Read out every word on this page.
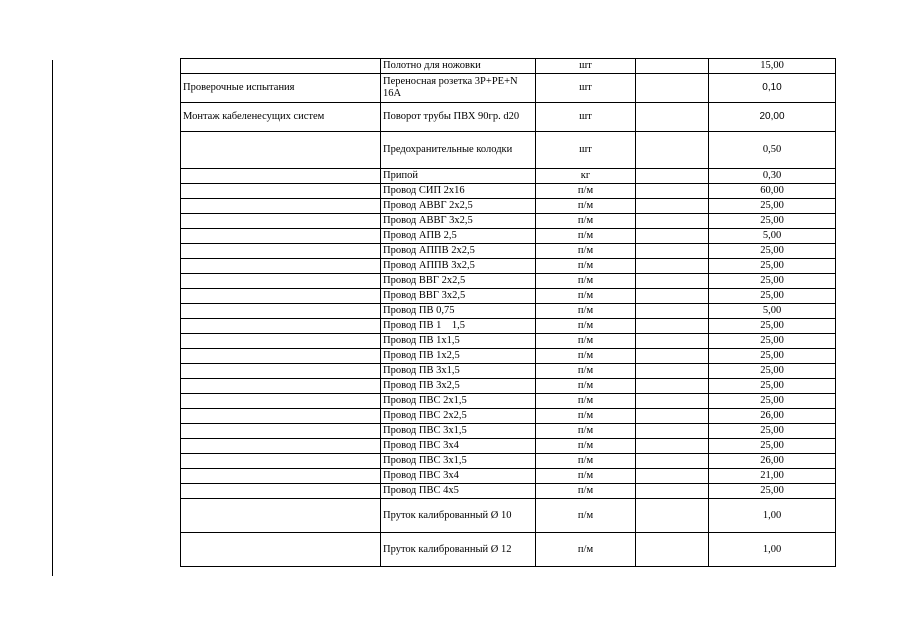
	Полотно для ножовки	шт		15,00
Проверочные испытания	Переносная розетка 3P+PE+N 16А	шт		0,10
Монтаж кабеленесущих систем	Поворот трубы ПВХ 90гр. d20	шт		20,00
	Предохранительные колодки	шт		0,50
	Припой	кг		0,30
	Провод СИП 2х16	п/м		60,00
	Провод АВВГ 2х2,5	п/м		25,00
	Провод АВВГ 3х2,5	п/м		25,00
	Провод АПВ 2,5	п/м		5,00
	Провод АППВ 2х2,5	п/м		25,00
	Провод АППВ 3х2,5	п/м		25,00
	Провод ВВГ 2х2,5	п/м		25,00
	Провод ВВГ 3х2,5	п/м		25,00
	Провод ПВ 0,75	п/м		5,00
	Провод ПВ 1    1,5	п/м		25,00
	Провод ПВ 1х1,5	п/м		25,00
	Провод ПВ 1х2,5	п/м		25,00
	Провод ПВ 3х1,5	п/м		25,00
	Провод ПВ 3х2,5	п/м		25,00
	Провод ПВС 2х1,5	п/м		25,00
	Провод ПВС 2х2,5	п/м		26,00
	Провод ПВС 3х1,5	п/м		25,00
	Провод ПВС 3х4	п/м		25,00
	Провод ПВС 3х1,5	п/м		26,00
	Провод ПВС 3х4	п/м		21,00
	Провод ПВС 4х5	п/м		25,00
	Пруток калиброванный Ø 10	п/м		1,00
	Пруток калиброванный Ø 12	п/м		1,00
